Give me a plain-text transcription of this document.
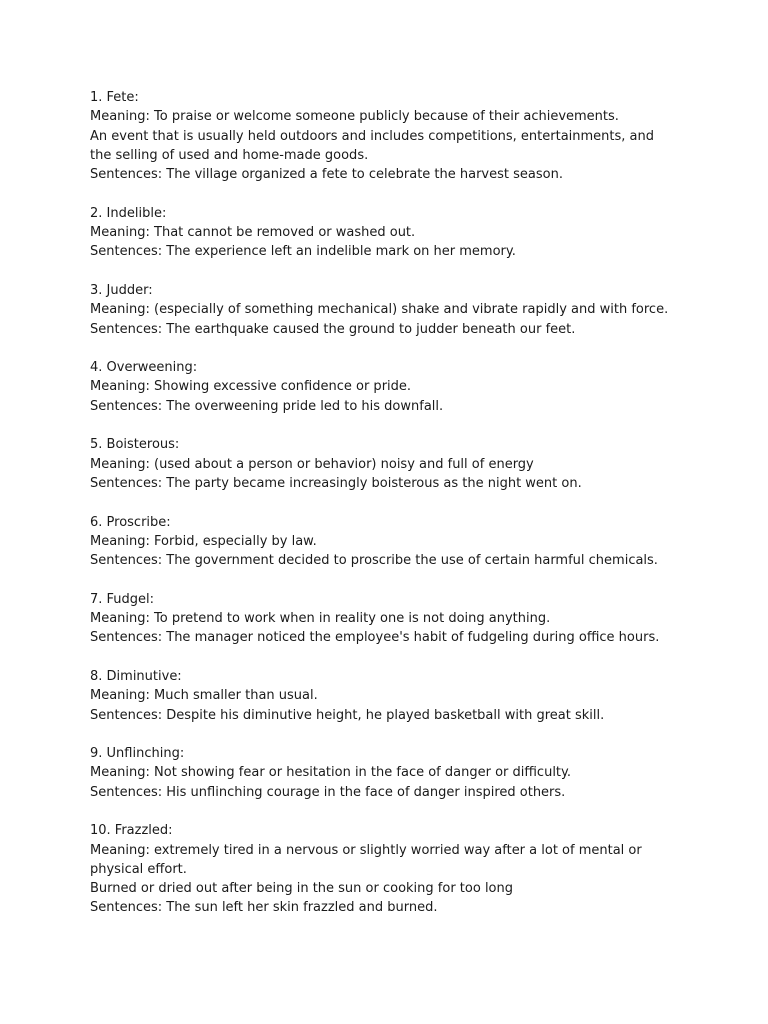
1. Fete:
Meaning: To praise or welcome someone publicly because of their achievements.
An event that is usually held outdoors and includes competitions, entertainments, and
the selling of used and home-made goods.
Sentences: The village organized a fete to celebrate the harvest season.
2. Indelible:
Meaning: That cannot be removed or washed out.
Sentences: The experience left an indelible mark on her memory.
3. Judder:
Meaning: (especially of something mechanical) shake and vibrate rapidly and with force.
Sentences: The earthquake caused the ground to judder beneath our feet.
4. Overweening:
Meaning: Showing excessive confidence or pride.
Sentences: The overweening pride led to his downfall.
5. Boisterous:
Meaning: (used about a person or behavior) noisy and full of energy
Sentences: The party became increasingly boisterous as the night went on.
6. Proscribe:
Meaning: Forbid, especially by law.
Sentences: The government decided to proscribe the use of certain harmful chemicals.
7. Fudgel:
Meaning: To pretend to work when in reality one is not doing anything.
Sentences: The manager noticed the employee's habit of fudgeling during office hours.
8. Diminutive:
Meaning: Much smaller than usual.
Sentences: Despite his diminutive height, he played basketball with great skill.
9. Unflinching:
Meaning: Not showing fear or hesitation in the face of danger or difficulty.
Sentences: His unflinching courage in the face of danger inspired others.
10. Frazzled:
Meaning: extremely tired in a nervous or slightly worried way after a lot of mental or
physical effort.
Burned or dried out after being in the sun or cooking for too long
Sentences: The sun left her skin frazzled and burned.
